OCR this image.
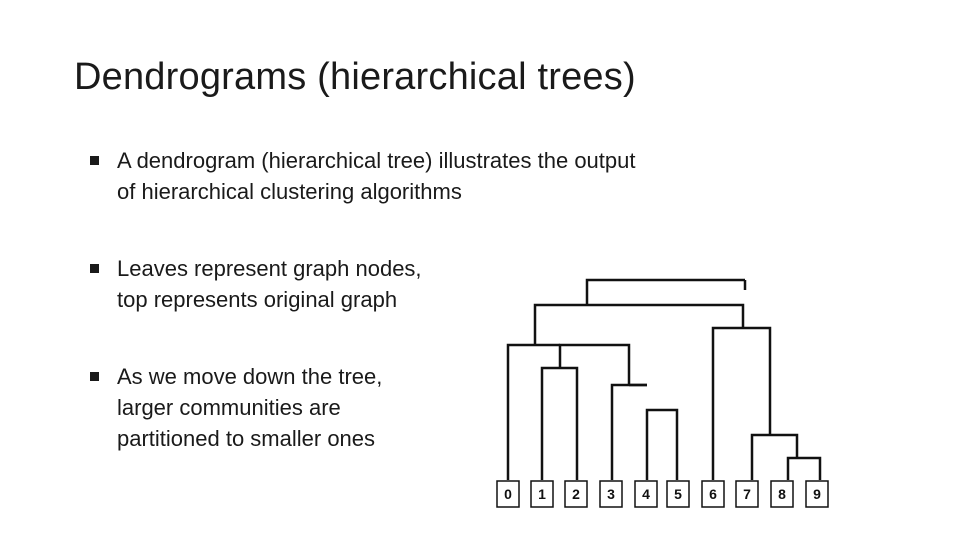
Dendrograms (hierarchical trees)
A dendrogram (hierarchical tree) illustrates the output
of hierarchical clustering algorithms
Leaves represent graph nodes,
top represents original graph
As we move down the tree,
larger communities are
partitioned to smaller ones
0 1 2 3 4 5 6 7 8 9
